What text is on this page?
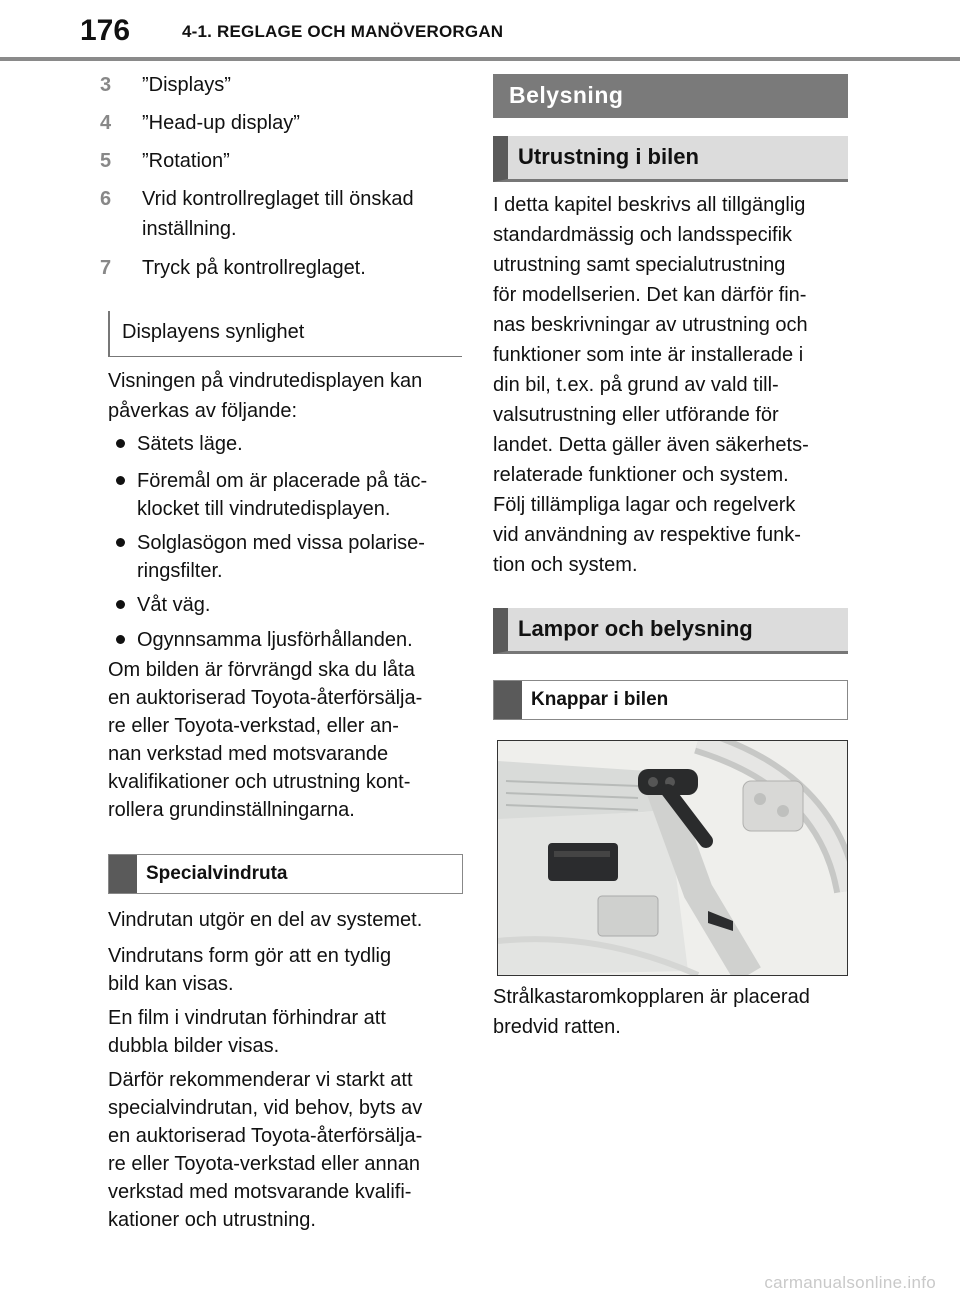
176	4-1. REGLAGE OCH MANÖVERORGAN
3 ”Displays”
4 ”Head-up display”
5 ”Rotation”
6 Vrid kontrollreglaget till önskad
inställning.
7 Tryck på kontrollreglaget.
Displayens synlighet
Visningen på vindrutedisplayen kan
påverkas av följande:
Sätets läge.
Föremål om är placerade på täc-
klocket till vindrutedisplayen.
Solglasögon med vissa polarise-
ringsfilter.
Våt väg.
Ogynnsamma ljusförhållanden.
Om bilden är förvrängd ska du låta
en auktoriserad Toyota-återförsälja-
re eller Toyota-verkstad, eller an-
nan verkstad med motsvarande
kvalifikationer och utrustning kont-
rollera grundinställningarna.
Specialvindruta
Vindrutan utgör en del av systemet.
Vindrutans form gör att en tydlig
bild kan visas.
En film i vindrutan förhindrar att
dubbla bilder visas.
Därför rekommenderar vi starkt att
specialvindrutan, vid behov, byts av
en auktoriserad Toyota-återförsälja-
re eller Toyota-verkstad eller annan
verkstad med motsvarande kvalifi-
kationer och utrustning.
Belysning
Utrustning i bilen
I detta kapitel beskrivs all tillgänglig
standardmässig och landsspecifik
utrustning samt specialutrustning
för modellserien. Det kan därför fin-
nas beskrivningar av utrustning och
funktioner som inte är installerade i
din bil, t.ex. på grund av vald till-
valsutrustning eller utförande för
landet. Detta gäller även säkerhets-
relaterade funktioner och system.
Följ tillämpliga lagar och regelverk
vid användning av respektive funk-
tion och system.
Lampor och belysning
Knappar i bilen
Strålkastaromkopplaren är placerad
bredvid ratten.
carmanualsonline.info
